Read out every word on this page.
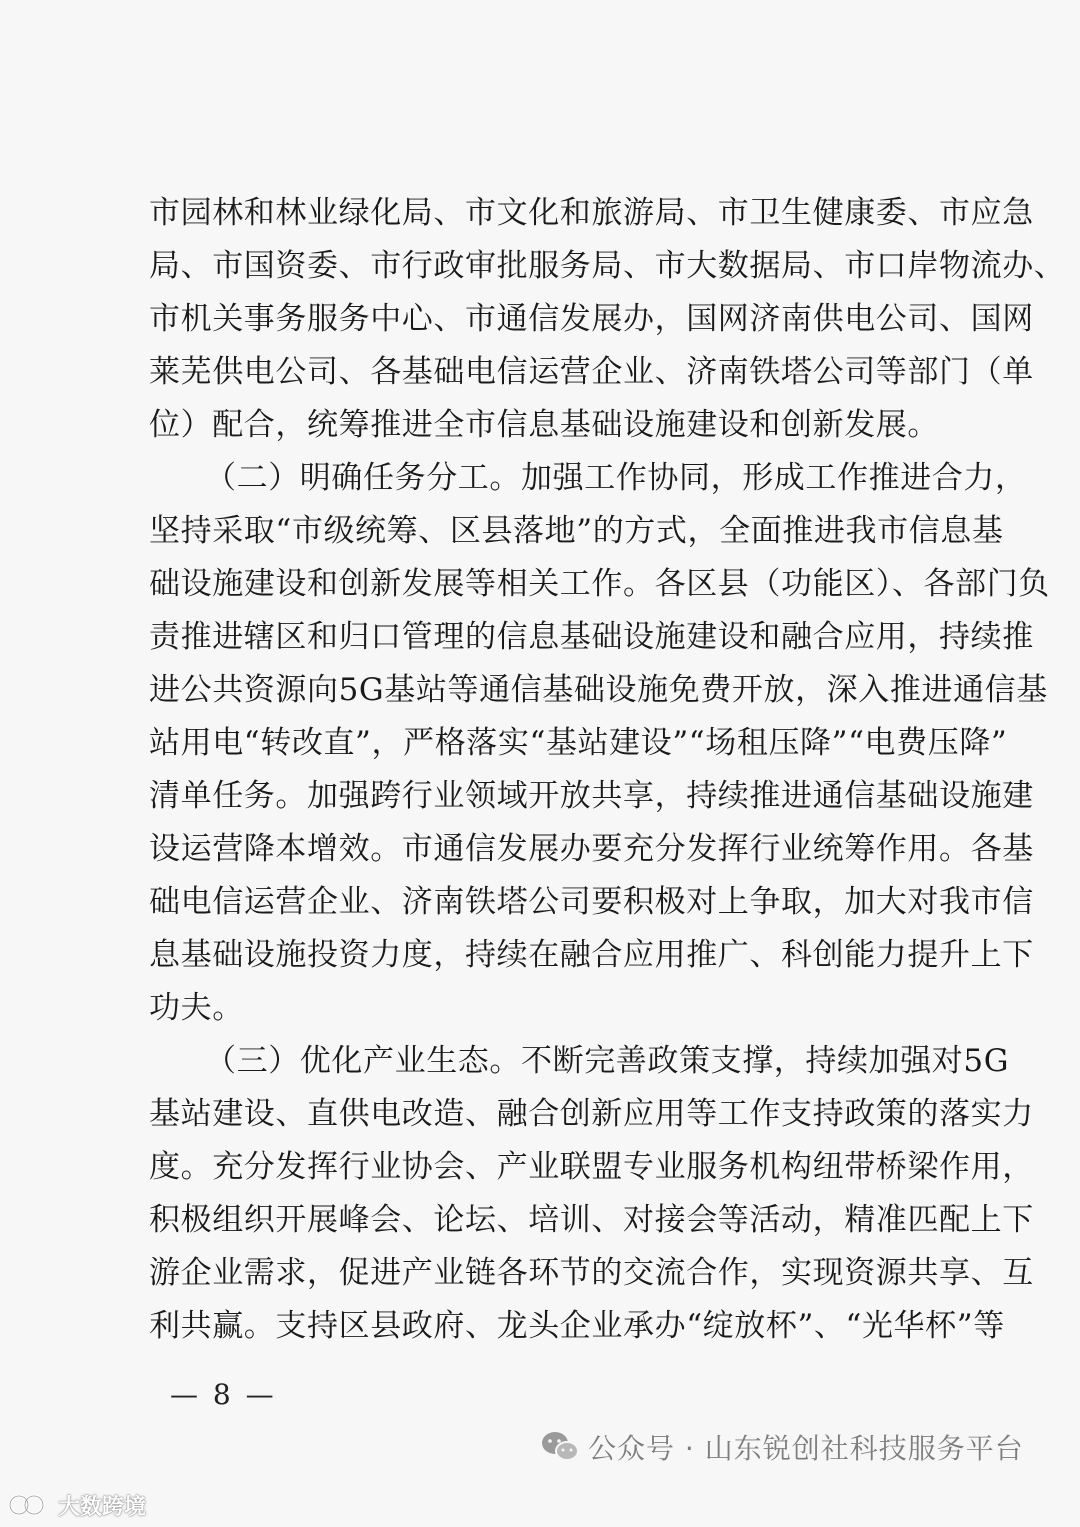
市园林和林业绿化局、市文化和旅游局、市卫生健康委、市应急
局、市国资委、市行政审批服务局、市大数据局、市口岸物流办、
市机关事务服务中心、市通信发展办，国网济南供电公司、国网
莱芜供电公司、各基础电信运营企业、济南铁塔公司等部门（单
位）配合，统筹推进全市信息基础设施建设和创新发展。
（二）明确任务分工。加强工作协同，形成工作推进合力，
坚持采取“市级统筹、区县落地”的方式，全面推进我市信息基
础设施建设和创新发展等相关工作。各区县（功能区）、各部门负
责推进辖区和归口管理的信息基础设施建设和融合应用，持续推
进公共资源向5G基站等通信基础设施免费开放，深入推进通信基
站用电“转改直”，严格落实“基站建设”“场租压降”“电费压降”
清单任务。加强跨行业领域开放共享，持续推进通信基础设施建
设运营降本增效。市通信发展办要充分发挥行业统筹作用。各基
础电信运营企业、济南铁塔公司要积极对上争取，加大对我市信
息基础设施投资力度，持续在融合应用推广、科创能力提升上下
功夫。
（三）优化产业生态。不断完善政策支撑，持续加强对5G
基站建设、直供电改造、融合创新应用等工作支持政策的落实力
度。充分发挥行业协会、产业联盟专业服务机构纽带桥梁作用，
积极组织开展峰会、论坛、培训、对接会等活动，精准匹配上下
游企业需求，促进产业链各环节的交流合作，实现资源共享、互
利共赢。支持区县政府、龙头企业承办“绽放杯”、“光华杯”等
— 8 —
公众号 · 山东锐创社科技服务平台
大数跨境
